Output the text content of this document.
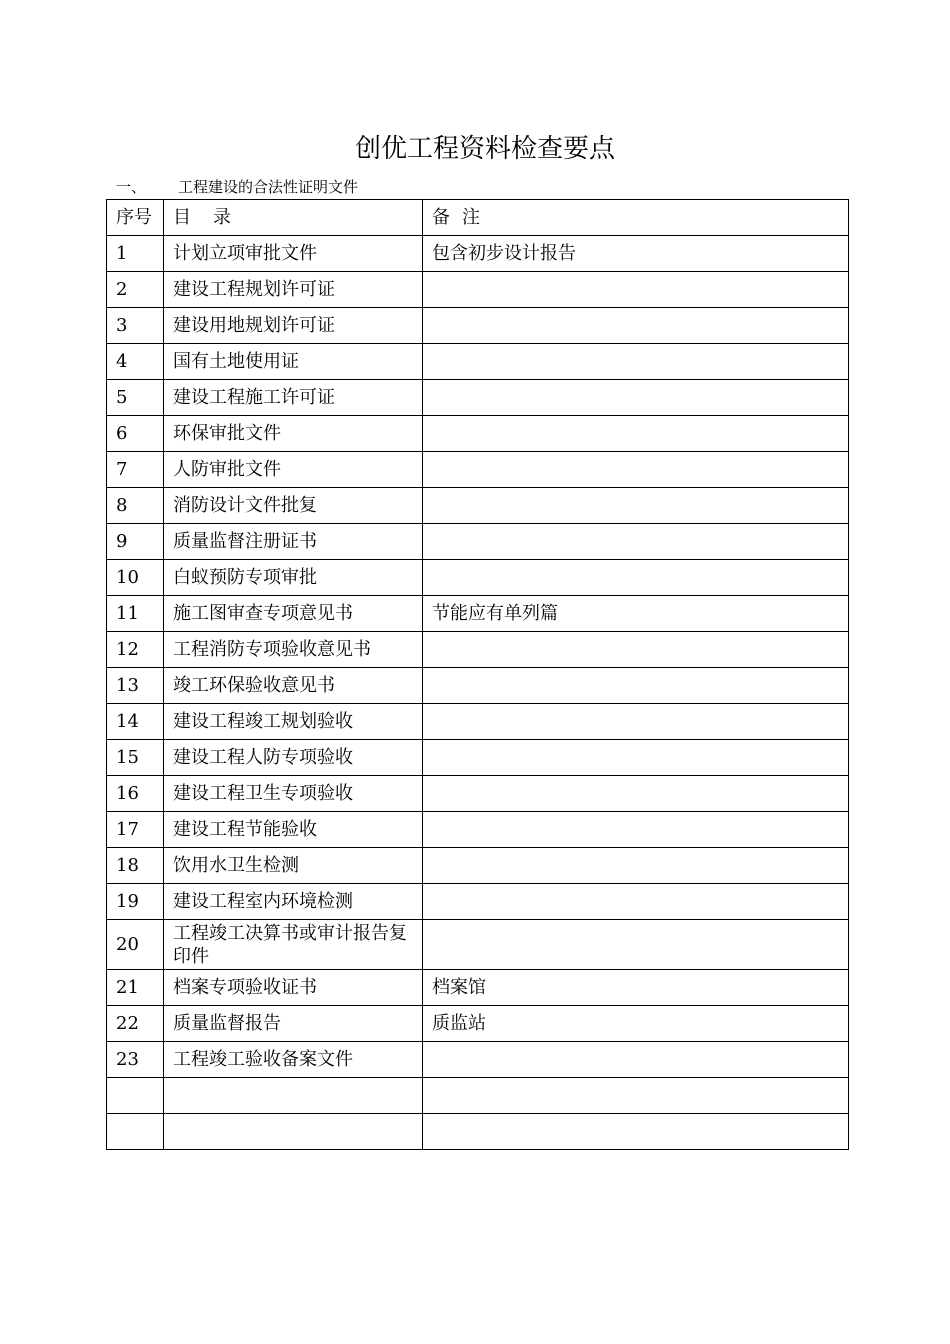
创优工程资料检查要点
一、 工程建设的合法性证明文件
序号	目 录	备 注
1	计划立项审批文件	包含初步设计报告
2	建设工程规划许可证	
3	建设用地规划许可证	
4	国有土地使用证	
5	建设工程施工许可证	
6	环保审批文件	
7	人防审批文件	
8	消防设计文件批复	
9	质量监督注册证书	
10	白蚁预防专项审批	
11	施工图审查专项意见书	节能应有单列篇
12	工程消防专项验收意见书	
13	竣工环保验收意见书	
14	建设工程竣工规划验收	
15	建设工程人防专项验收	
16	建设工程卫生专项验收	
17	建设工程节能验收	
18	饮用水卫生检测	
19	建设工程室内环境检测	
20	工程竣工决算书或审计报告复印件	
21	档案专项验收证书	档案馆
22	质量监督报告	质监站
23	工程竣工验收备案文件	
